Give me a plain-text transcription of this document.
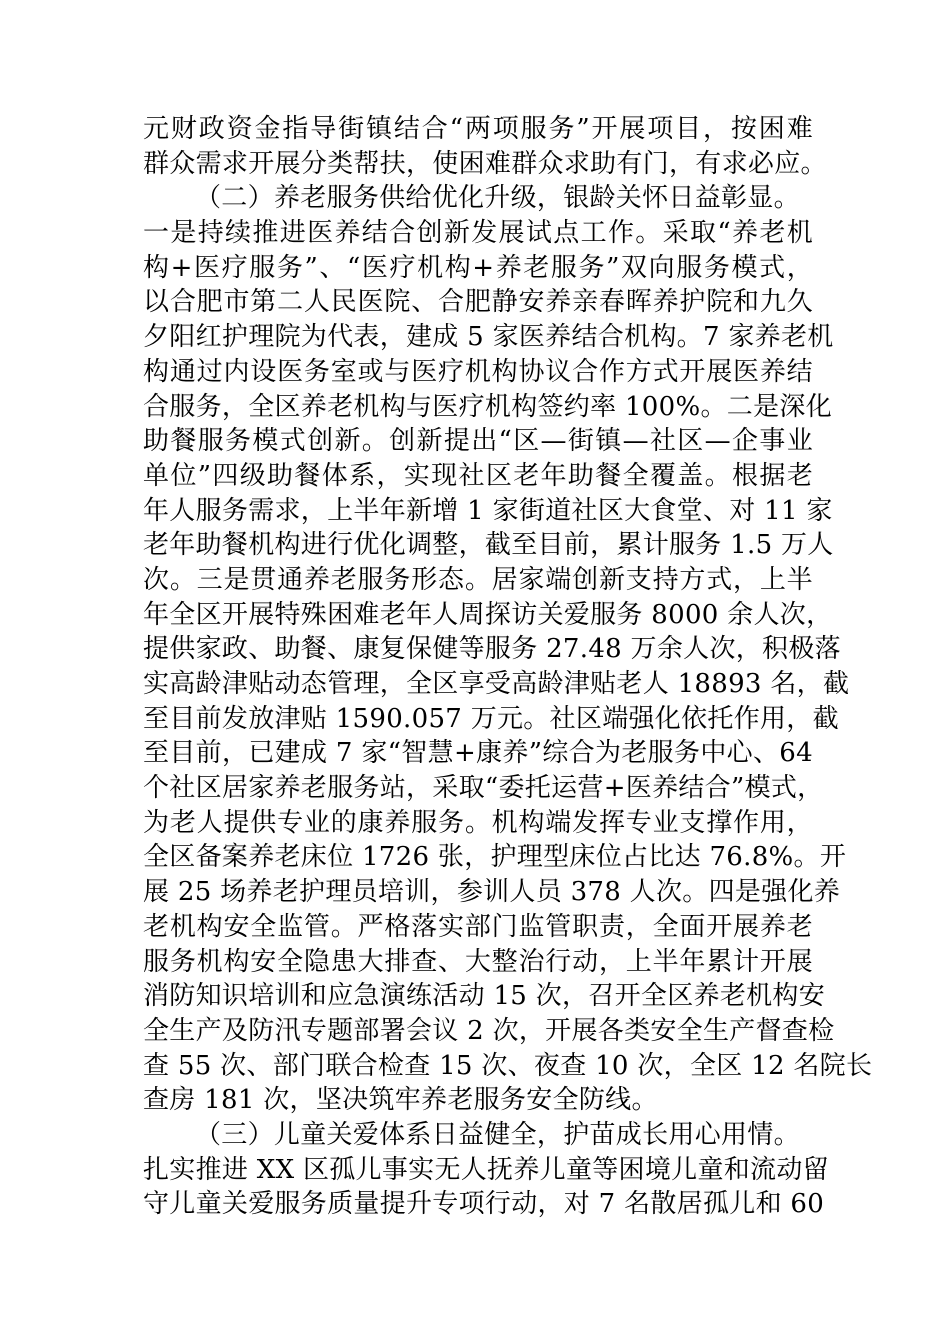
元财政资金指导街镇结合“两项服务”开展项目，按困难
群众需求开展分类帮扶，使困难群众求助有门，有求必应。
（二）养老服务供给优化升级，银龄关怀日益彰显。
一是持续推进医养结合创新发展试点工作。采取“养老机
构+医疗服务”、“医疗机构+养老服务”双向服务模式，
以合肥市第二人民医院、合肥静安养亲春晖养护院和九久
夕阳红护理院为代表，建成 5 家医养结合机构。7 家养老机
构通过内设医务室或与医疗机构协议合作方式开展医养结
合服务，全区养老机构与医疗机构签约率 100%。二是深化
助餐服务模式创新。创新提出“区—街镇—社区—企事业
单位”四级助餐体系，实现社区老年助餐全覆盖。根据老
年人服务需求，上半年新增 1 家街道社区大食堂、对 11 家
老年助餐机构进行优化调整，截至目前，累计服务 1.5 万人
次。三是贯通养老服务形态。居家端创新支持方式，上半
年全区开展特殊困难老年人周探访关爱服务 8000 余人次，
提供家政、助餐、康复保健等服务 27.48 万余人次，积极落
实高龄津贴动态管理，全区享受高龄津贴老人 18893 名，截
至目前发放津贴 1590.057 万元。社区端强化依托作用，截
至目前，已建成 7 家“智慧+康养”综合为老服务中心、64
个社区居家养老服务站，采取“委托运营+医养结合”模式，
为老人提供专业的康养服务。机构端发挥专业支撑作用，
全区备案养老床位 1726 张，护理型床位占比达 76.8%。开
展 25 场养老护理员培训，参训人员 378 人次。四是强化养
老机构安全监管。严格落实部门监管职责，全面开展养老
服务机构安全隐患大排查、大整治行动，上半年累计开展
消防知识培训和应急演练活动 15 次，召开全区养老机构安
全生产及防汛专题部署会议 2 次，开展各类安全生产督查检
查 55 次、部门联合检查 15 次、夜查 10 次，全区 12 名院长
查房 181 次，坚决筑牢养老服务安全防线。
（三）儿童关爱体系日益健全，护苗成长用心用情。
扎实推进 XX 区孤儿事实无人抚养儿童等困境儿童和流动留
守儿童关爱服务质量提升专项行动，对 7 名散居孤儿和 60
